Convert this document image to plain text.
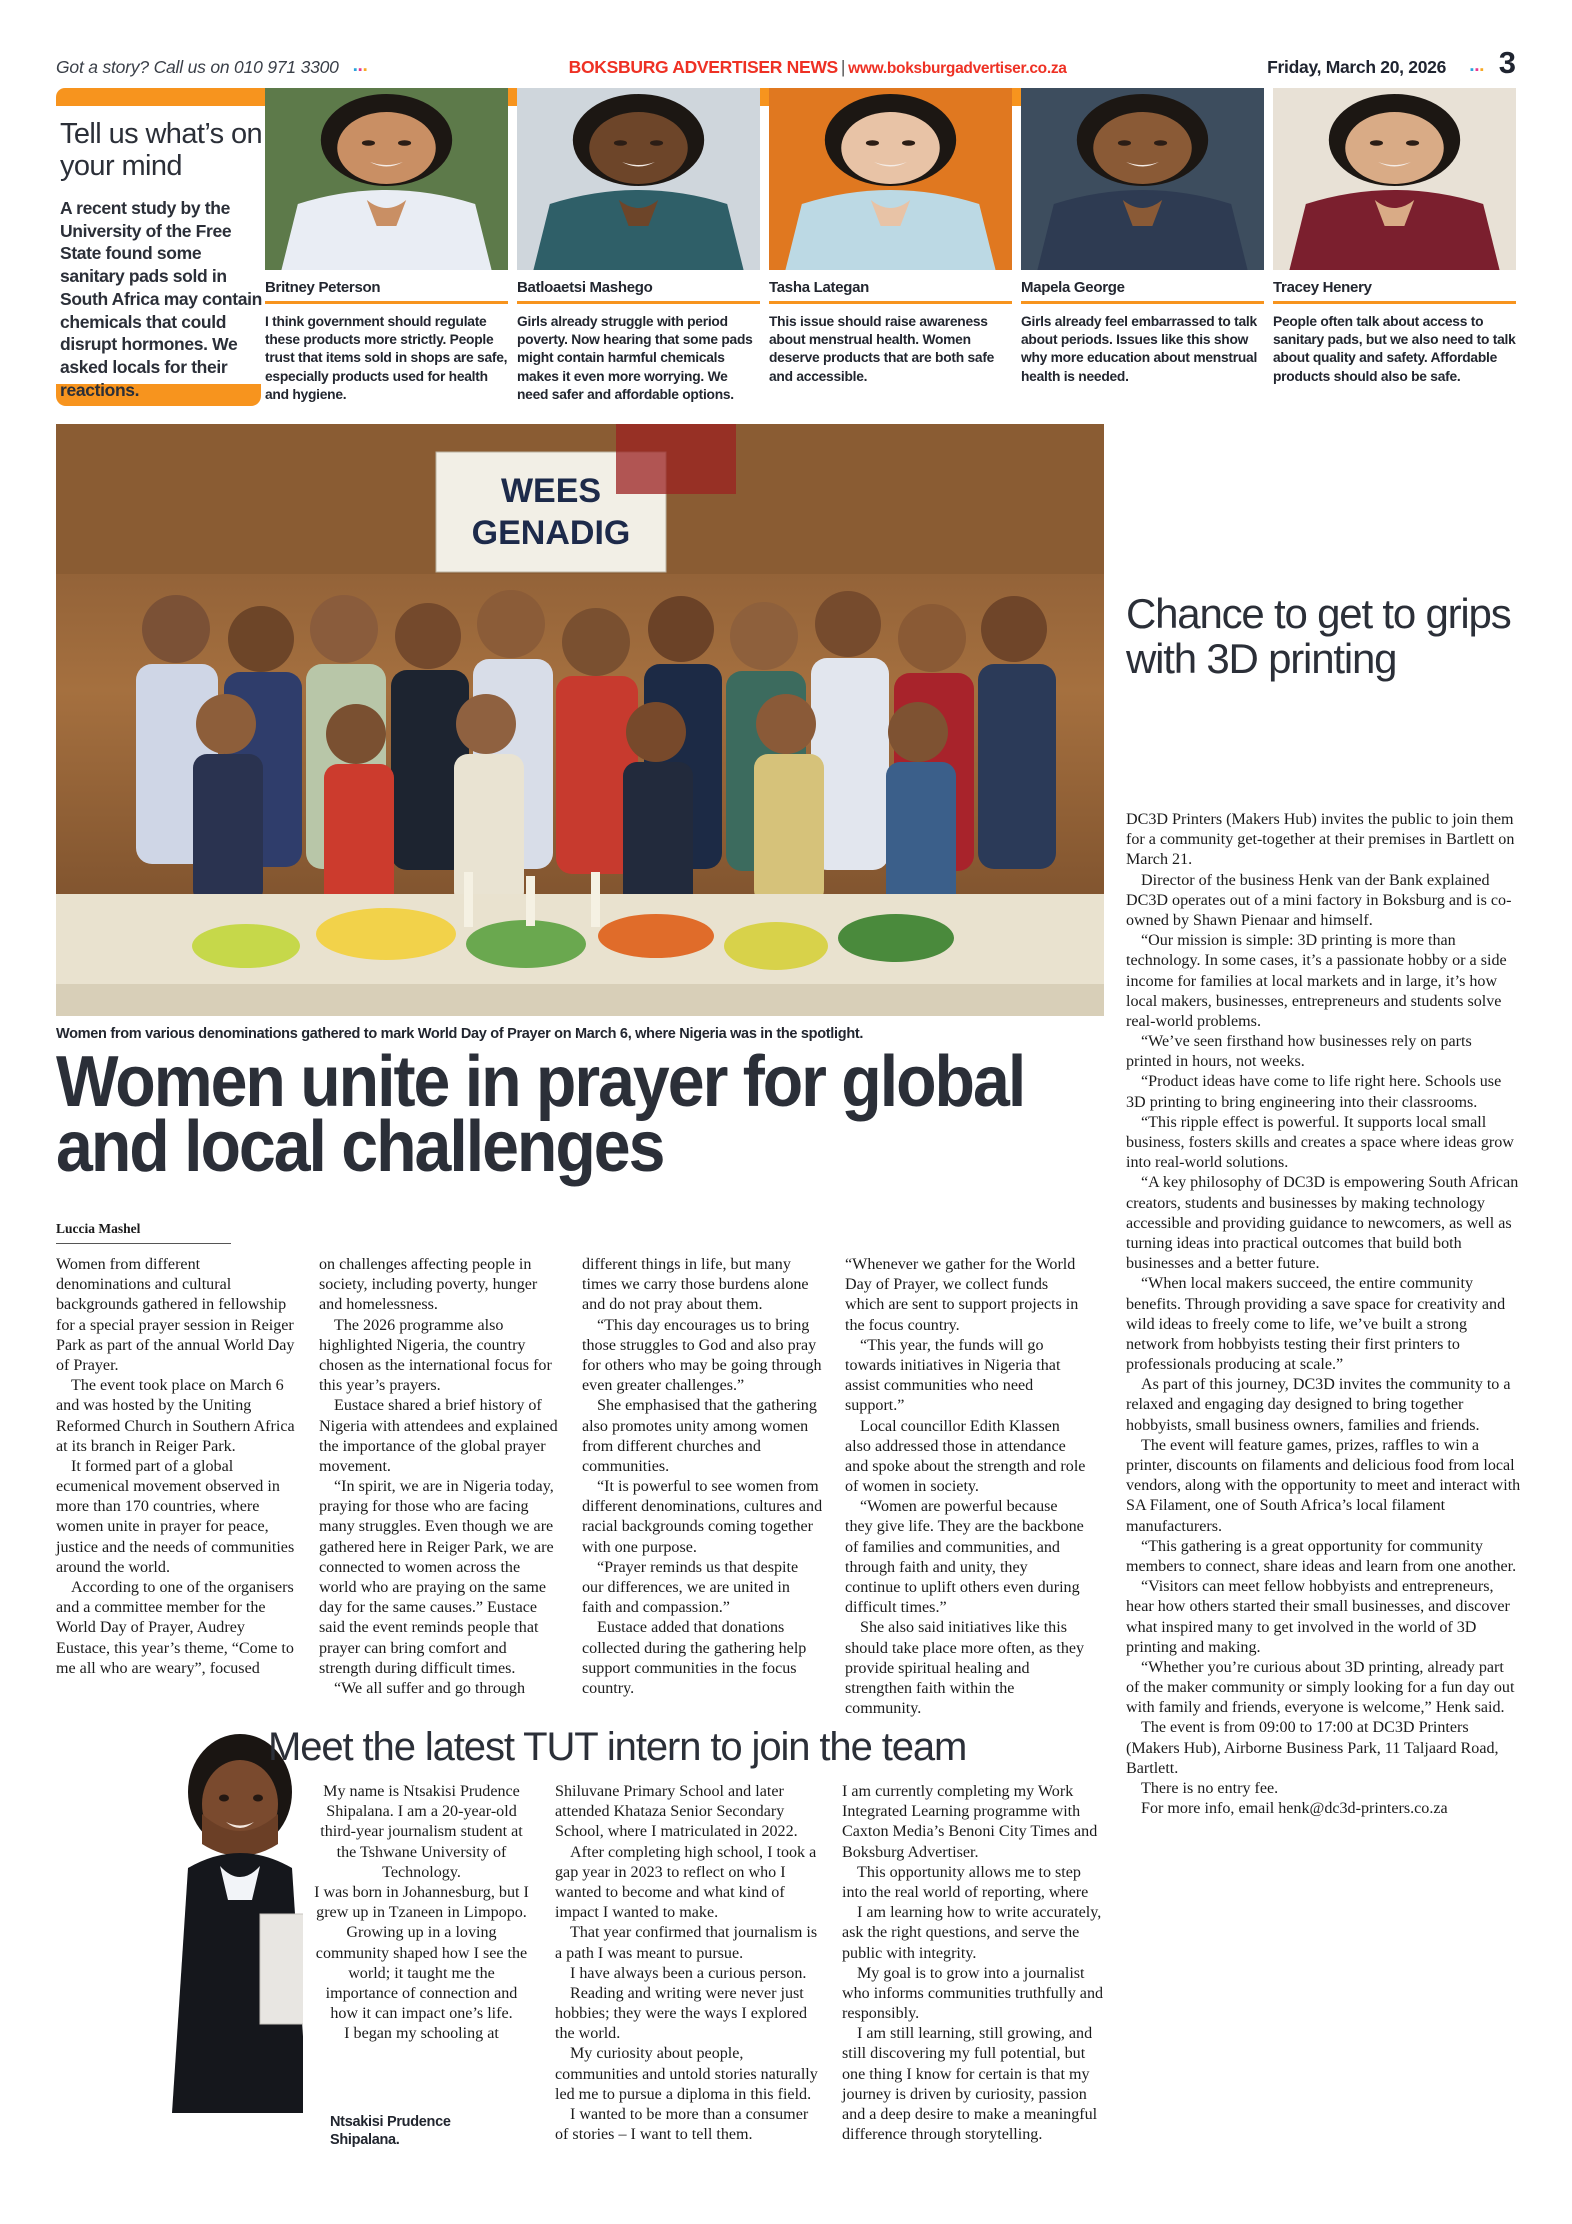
Got a story? Call us on 010 971 3300 ▪▪▪	BOKSBURG ADVERTISER NEWS | www.boksburgadvertiser.co.za	Friday, March 20, 2026 ▪▪▪ 3
Tell us what’s on your mind
A recent study by the University of the Free State found some sanitary pads sold in South Africa may contain chemicals that could disrupt hormones. We asked locals for their reactions.
Britney Peterson
I think government should regulate these products more strictly. People trust that items sold in shops are safe, especially products used for health and hygiene.
Batloaetsi Mashego
Girls already struggle with period poverty. Now hearing that some pads might contain harmful chemicals makes it even more worrying. We need safer and affordable options.
Tasha Lategan
This issue should raise awareness about menstrual health. Women deserve products that are both safe and accessible.
Mapela George
Girls already feel embarrassed to talk about periods. Issues like this show why more education about menstrual health is needed.
Tracey Henery
People often talk about access to sanitary pads, but we also need to talk about quality and safety. Affordable products should also be safe.
WEES
GENADIG
Women from various denominations gathered to mark World Day of Prayer on March 6, where Nigeria was in the spotlight.
Women unite in prayer for global and local challenges
Luccia Mashel

Women from different denominations and cultural backgrounds gathered in fellowship for a special prayer session in Reiger Park as part of the annual World Day of Prayer.

The event took place on March 6 and was hosted by the Uniting Reformed Church in Southern Africa at its branch in Reiger Park.

It formed part of a global ecumenical movement observed in more than 170 countries, where women unite in prayer for peace, justice and the needs of communities around the world.

According to one of the organisers and a committee member for the World Day of Prayer, Audrey Eustace, this year’s theme, “Come to me all who are weary”, focused

on challenges affecting people in society, including poverty, hunger and homelessness.

The 2026 programme also highlighted Nigeria, the country chosen as the international focus for this year’s prayers.

Eustace shared a brief history of Nigeria with attendees and explained the importance of the global prayer movement.

“In spirit, we are in Nigeria today, praying for those who are facing many struggles. Even though we are gathered here in Reiger Park, we are connected to women across the world who are praying on the same day for the same causes.” Eustace said the event reminds people that prayer can bring comfort and strength during difficult times.

“We all suffer and go through

different things in life, but many times we carry those burdens alone and do not pray about them.

“This day encourages us to bring those struggles to God and also pray for others who may be going through even greater challenges.”

She emphasised that the gathering also promotes unity among women from different churches and communities.

“It is powerful to see women from different denominations, cultures and racial backgrounds coming together with one purpose.

“Prayer reminds us that despite our differences, we are united in faith and compassion.”

Eustace added that donations collected during the gathering help support communities in the focus country.

“Whenever we gather for the World Day of Prayer, we collect funds which are sent to support projects in the focus country.

“This year, the funds will go towards initiatives in Nigeria that assist communities who need support.”

Local councillor Edith Klassen also addressed those in attendance and spoke about the strength and role of women in society.

“Women are powerful because they give life. They are the backbone of families and communities, and through faith and unity, they continue to uplift others even during difficult times.”

She also said initiatives like this should take place more often, as they provide spiritual healing and strengthen faith within the community.

Chance to get to grips with 3D printing

DC3D Printers (Makers Hub) invites the public to join them for a community get-together at their premises in Bartlett on March 21.

Director of the business Henk van der Bank explained DC3D operates out of a mini factory in Boksburg and is co-owned by Shawn Pienaar and himself.

“Our mission is simple: 3D printing is more than technology. In some cases, it’s a passionate hobby or a side income for families at local markets and in large, it’s how local makers, businesses, entrepreneurs and students solve real-world problems.

“We’ve seen firsthand how businesses rely on parts printed in hours, not weeks.

“Product ideas have come to life right here. Schools use 3D printing to bring engineering into their classrooms.

“This ripple effect is powerful. It supports local small business, fosters skills and creates a space where ideas grow into real-world solutions.

“A key philosophy of DC3D is empowering South African creators, students and businesses by making technology accessible and providing guidance to newcomers, as well as turning ideas into practical outcomes that build both businesses and a better future.

“When local makers succeed, the entire community benefits. Through providing a save space for creativity and wild ideas to freely come to life, we’ve built a strong network from hobbyists testing their first printers to professionals producing at scale.”

As part of this journey, DC3D invites the community to a relaxed and engaging day designed to bring together hobbyists, small business owners, families and friends.

The event will feature games, prizes, raffles to win a printer, discounts on filaments and delicious food from local vendors, along with the opportunity to meet and interact with SA Filament, one of South Africa’s local filament manufacturers.

“This gathering is a great opportunity for community members to connect, share ideas and learn from one another.

“Visitors can meet fellow hobbyists and entrepreneurs, hear how others started their small businesses, and discover what inspired many to get involved in the world of 3D printing and making.

“Whether you’re curious about 3D printing, already part of the maker community or simply looking for a fun day out with family and friends, everyone is welcome,” Henk said.

The event is from 09:00 to 17:00 at DC3D Printers (Makers Hub), Airborne Business Park, 11 Taljaard Road, Bartlett.

There is no entry fee.

For more info, email henk@dc3d-printers.co.za

Meet the latest TUT intern to join the team

My name is Ntsakisi Prudence Shipalana. I am a 20-year-old third-year journalism student at the Tshwane University of Technology.

I was born in Johannesburg, but I grew up in Tzaneen in Limpopo.

Growing up in a loving community shaped how I see the world; it taught me the importance of connection and how it can impact one’s life.

I began my schooling at

Shiluvane Primary School and later attended Khataza Senior Secondary School, where I matriculated in 2022.

After completing high school, I took a gap year in 2023 to reflect on who I wanted to become and what kind of impact I wanted to make.

That year confirmed that journalism is a path I was meant to pursue.

I have always been a curious person.

Reading and writing were never just hobbies; they were the ways I explored the world.

My curiosity about people, communities and untold stories naturally led me to pursue a diploma in this field.

I wanted to be more than a consumer of stories – I want to tell them.

I am currently completing my Work Integrated Learning programme with Caxton Media’s Benoni City Times and Boksburg Advertiser.

This opportunity allows me to step into the real world of reporting, where

I am learning how to write accurately, ask the right questions, and serve the public with integrity.

My goal is to grow into a journalist who informs communities truthfully and responsibly.

I am still learning, still growing, and still discovering my full potential, but one thing I know for certain is that my journey is driven by curiosity, passion and a deep desire to make a meaningful difference through storytelling.

Ntsakisi Prudence Shipalana.
